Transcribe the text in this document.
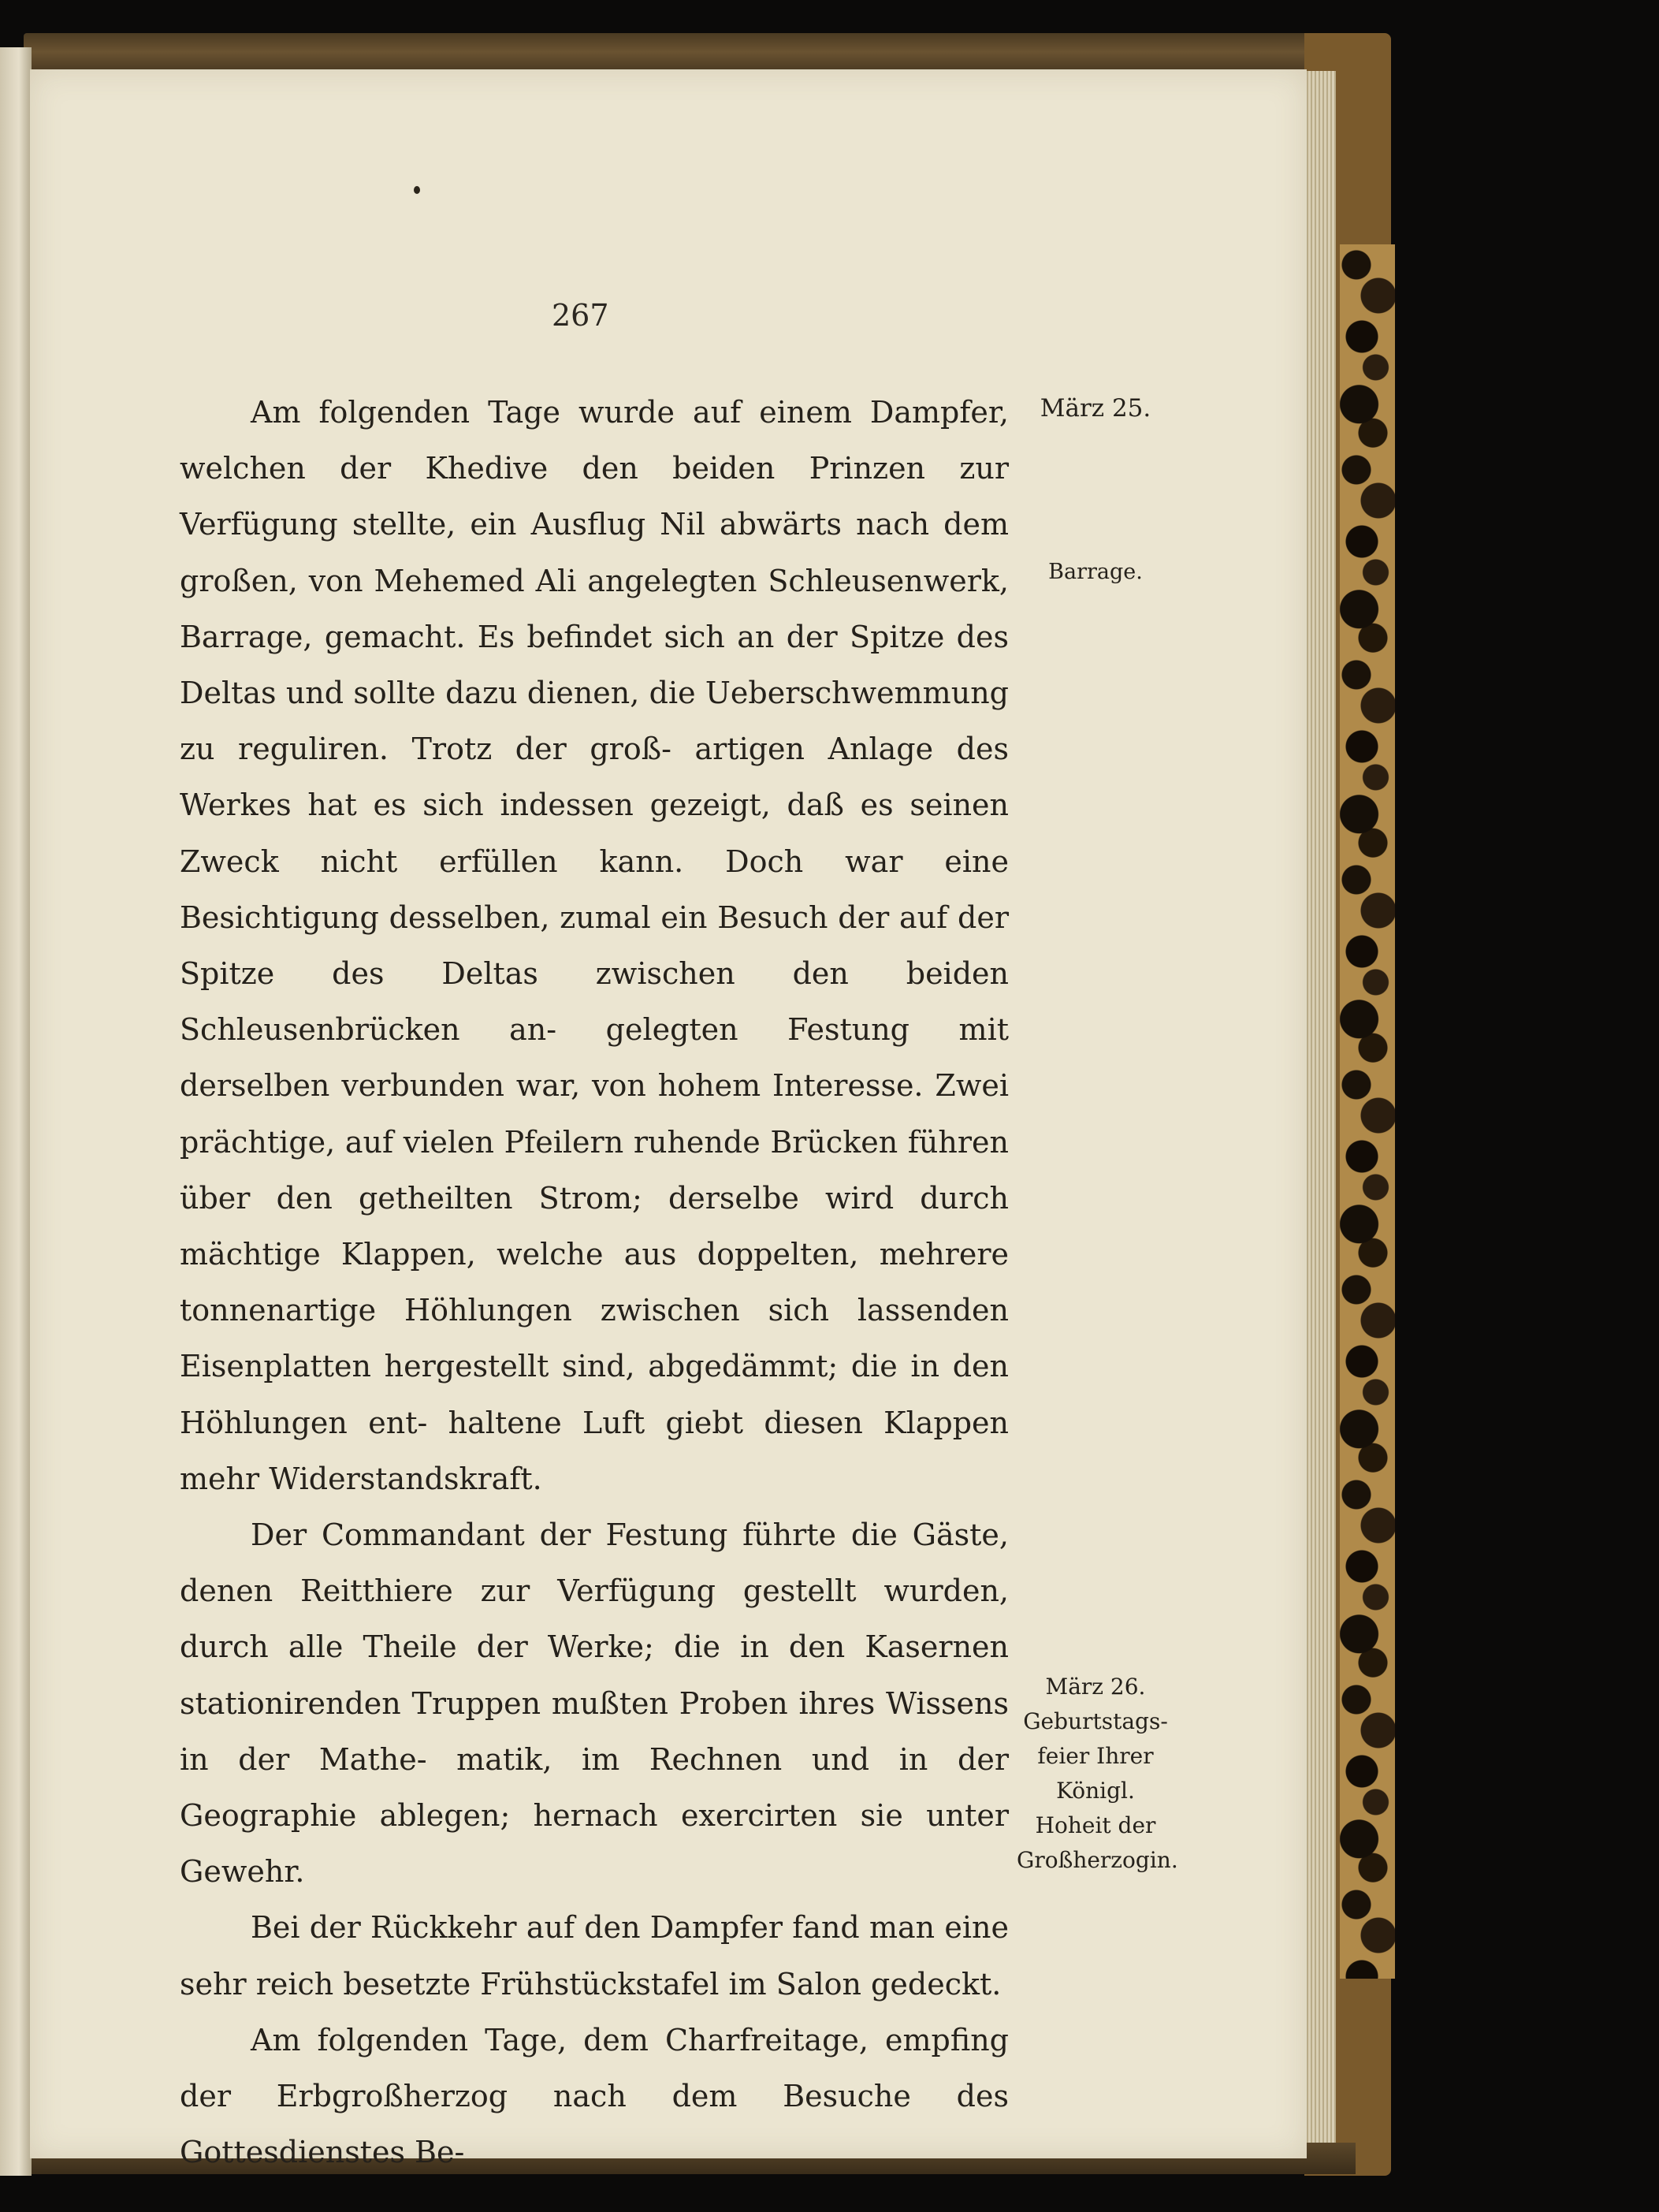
267

Am folgenden Tage wurde auf einem Dampfer, welchen der Khedive den beiden Prinzen zur Verfügung stellte, ein Ausflug Nil abwärts nach dem großen, von Mehemed Ali angelegten Schleusenwerk, Barrage, gemacht. Es befindet sich an der Spitze des Deltas und sollte dazu dienen, die Ueberschwemmung zu reguliren. Trotz der groß- artigen Anlage des Werkes hat es sich indessen gezeigt, daß es seinen Zweck nicht erfüllen kann. Doch war eine Besichtigung desselben, zumal ein Besuch der auf der Spitze des Deltas zwischen den beiden Schleusenbrücken an- gelegten Festung mit derselben verbunden war, von hohem Interesse. Zwei prächtige, auf vielen Pfeilern ruhende Brücken führen über den getheilten Strom; derselbe wird durch mächtige Klappen, welche aus doppelten, mehrere tonnenartige Höhlungen zwischen sich lassenden Eisenplatten hergestellt sind, abgedämmt; die in den Höhlungen ent- haltene Luft giebt diesen Klappen mehr Widerstandskraft.

Der Commandant der Festung führte die Gäste, denen Reitthiere zur Verfügung gestellt wurden, durch alle Theile der Werke; die in den Kasernen stationirenden Truppen mußten Proben ihres Wissens in der Mathe- matik, im Rechnen und in der Geographie ablegen; hernach exercirten sie unter Gewehr.

Bei der Rückkehr auf den Dampfer fand man eine sehr reich besetzte Frühstückstafel im Salon gedeckt.

Am folgenden Tage, dem Charfreitage, empfing der Erbgroßherzog nach dem Besuche des Gottesdienstes Be-

März 25.
Barrage.
März 26. Geburtstags- feier Ihrer Königl. Hoheit der Großherzogin.
